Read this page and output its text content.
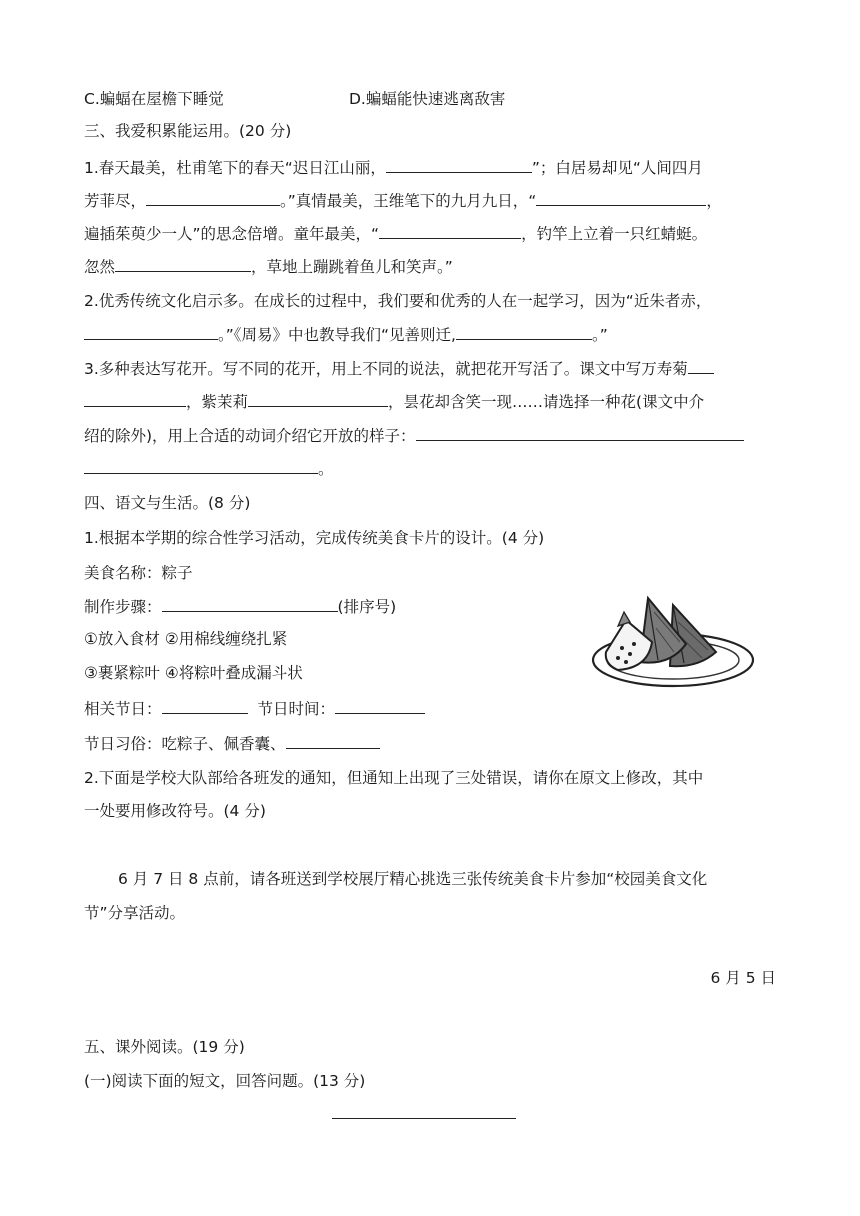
C.蝙蝠在屋檐下睡觉	D.蝙蝠能快速逃离敌害
三、我爱积累能运用。(20 分)
1.春天最美，杜甫笔下的春天“迟日江山丽，	”；白居易却见“人间四月
芳菲尽，	。”真情最美，王维笔下的九月九日，“	，
遍插茱萸少一人”的思念倍增。童年最美，“	，钓竿上立着一只红蜻蜓。
忽然	，草地上蹦跳着鱼儿和笑声。”
2.优秀传统文化启示多。在成长的过程中，我们要和优秀的人在一起学习，因为“近朱者赤，
。”《周易》中也教导我们“见善则迁,	。”
3.多种表达写花开。写不同的花开，用上不同的说法，就把花开写活了。课文中写万寿菊
，紫茉莉	，昙花却含笑一现……请选择一种花(课文中介
绍的除外)，用上合适的动词介绍它开放的样子：
。
四、语文与生活。(8 分)
1.根据本学期的综合性学习活动，完成传统美食卡片的设计。(4 分)
美食名称：粽子
制作步骤：	(排序号)
①放入食材 ②用棉线缠绕扎紧
③裹紧粽叶 ④将粽叶叠成漏斗状
相关节日：	节日时间：
节日习俗：吃粽子、佩香囊、
2.下面是学校大队部给各班发的通知，但通知上出现了三处错误，请你在原文上修改，其中
一处要用修改符号。(4 分)
6 月 7 日 8 点前，请各班送到学校展厅精心挑选三张传统美食卡片参加“校园美食文化
节”分享活动。
6 月 5 日
五、课外阅读。(19 分)
(一)阅读下面的短文，回答问题。(13 分)
